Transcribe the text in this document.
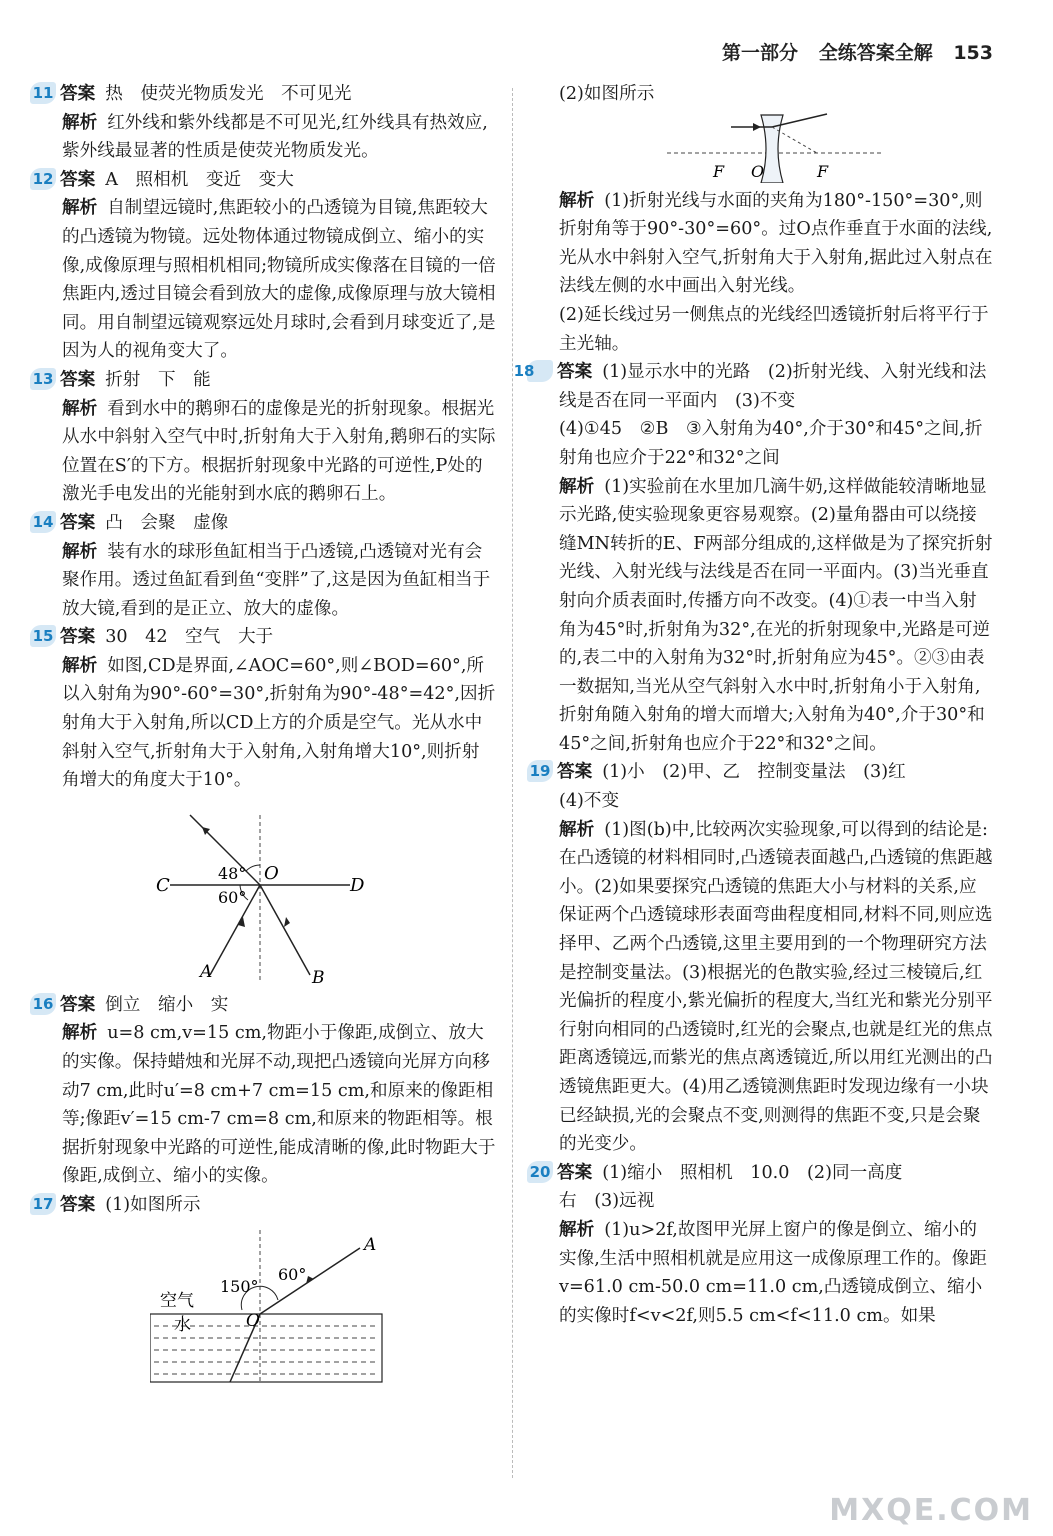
第一部分 全练答案全解 153
11 答案 热　使荧光物质发光　不可见光
解析 红外线和紫外线都是不可见光,红外线具有热效应,紫外线最显著的性质是使荧光物质发光。
12 答案 A　照相机　变近　变大
解析 自制望远镜时,焦距较小的凸透镜为目镜,焦距较大的凸透镜为物镜。远处物体通过物镜成倒立、缩小的实像,成像原理与照相机相同;物镜所成实像落在目镜的一倍焦距内,透过目镜会看到放大的虚像,成像原理与放大镜相同。用自制望远镜观察远处月球时,会看到月球变近了,是因为人的视角变大了。
13 答案 折射　下　能
解析 看到水中的鹅卵石的虚像是光的折射现象。根据光从水中斜射入空气中时,折射角大于入射角,鹅卵石的实际位置在S′的下方。根据折射现象中光路的可逆性,P处的激光手电发出的光能射到水底的鹅卵石上。
14 答案 凸　会聚　虚像
解析 装有水的球形鱼缸相当于凸透镜,凸透镜对光有会聚作用。透过鱼缸看到鱼“变胖”了,这是因为鱼缸相当于放大镜,看到的是正立、放大的虚像。
15 答案 30　42　空气　大于
解析 如图,CD是界面,∠AOC=60°,则∠BOD=60°,所以入射角为90°-60°=30°,折射角为90°-48°=42°,因折射角大于入射角,所以CD上方的介质是空气。光从水中斜射入空气,折射角大于入射角,入射角增大10°,则折射角增大的角度大于10°。
C	D
O
A	B
48°
60°
16 答案 倒立　缩小　实
解析 u=8 cm,v=15 cm,物距小于像距,成倒立、放大的实像。保持蜡烛和光屏不动,现把凸透镜向光屏方向移动7 cm,此时u′=8 cm+7 cm=15 cm,和原来的像距相等;像距v′=15 cm-7 cm=8 cm,和原来的物距相等。根据折射现象中光路的可逆性,能成清晰的像,此时物距大于像距,成倒立、缩小的实像。
17 答案 (1)如图所示
空气
水	O
A
150°
60°
(2)如图所示
F O	F
解析 (1)折射光线与水面的夹角为180°-150°=30°,则折射角等于90°-30°=60°。过O点作垂直于水面的法线,光从水中斜射入空气,折射角大于入射角,据此过入射点在法线左侧的水中画出入射光线。
(2)延长线过另一侧焦点的光线经凹透镜折射后将平行于主光轴。
18 答案 (1)显示水中的光路　(2)折射光线、入射光线和法线是否在同一平面内　(3)不变
(4)①45　②B　③入射角为40°,介于30°和45°之间,折射角也应介于22°和32°之间
解析 (1)实验前在水里加几滴牛奶,这样做能较清晰地显示光路,使实验现象更容易观察。(2)量角器由可以绕接缝MN转折的E、F两部分组成的,这样做是为了探究折射光线、入射光线与法线是否在同一平面内。(3)当光垂直射向介质表面时,传播方向不改变。(4)①表一中当入射角为45°时,折射角为32°,在光的折射现象中,光路是可逆的,表二中的入射角为32°时,折射角应为45°。②③由表一数据知,当光从空气斜射入水中时,折射角小于入射角,折射角随入射角的增大而增大;入射角为40°,介于30°和45°之间,折射角也应介于22°和32°之间。
19 答案 (1)小　(2)甲、乙　控制变量法　(3)红
(4)不变
解析 (1)图(b)中,比较两次实验现象,可以得到的结论是:在凸透镜的材料相同时,凸透镜表面越凸,凸透镜的焦距越小。(2)如果要探究凸透镜的焦距大小与材料的关系,应保证两个凸透镜球形表面弯曲程度相同,材料不同,则应选择甲、乙两个凸透镜,这里主要用到的一个物理研究方法是控制变量法。(3)根据光的色散实验,经过三棱镜后,红光偏折的程度小,紫光偏折的程度大,当红光和紫光分别平行射向相同的凸透镜时,红光的会聚点,也就是红光的焦点距离透镜远,而紫光的焦点离透镜近,所以用红光测出的凸透镜焦距更大。(4)用乙透镜测焦距时发现边缘有一小块已经缺损,光的会聚点不变,则测得的焦距不变,只是会聚的光变少。
20 答案 (1)缩小　照相机　10.0　(2)同一高度
右　(3)远视
解析 (1)u>2f,故图甲光屏上窗户的像是倒立、缩小的实像,生活中照相机就是应用这一成像原理工作的。像距v=61.0 cm-50.0 cm=11.0 cm,凸透镜成倒立、缩小的实像时f<v<2f,则5.5 cm<f<11.0 cm。如果
MXQE.COM
